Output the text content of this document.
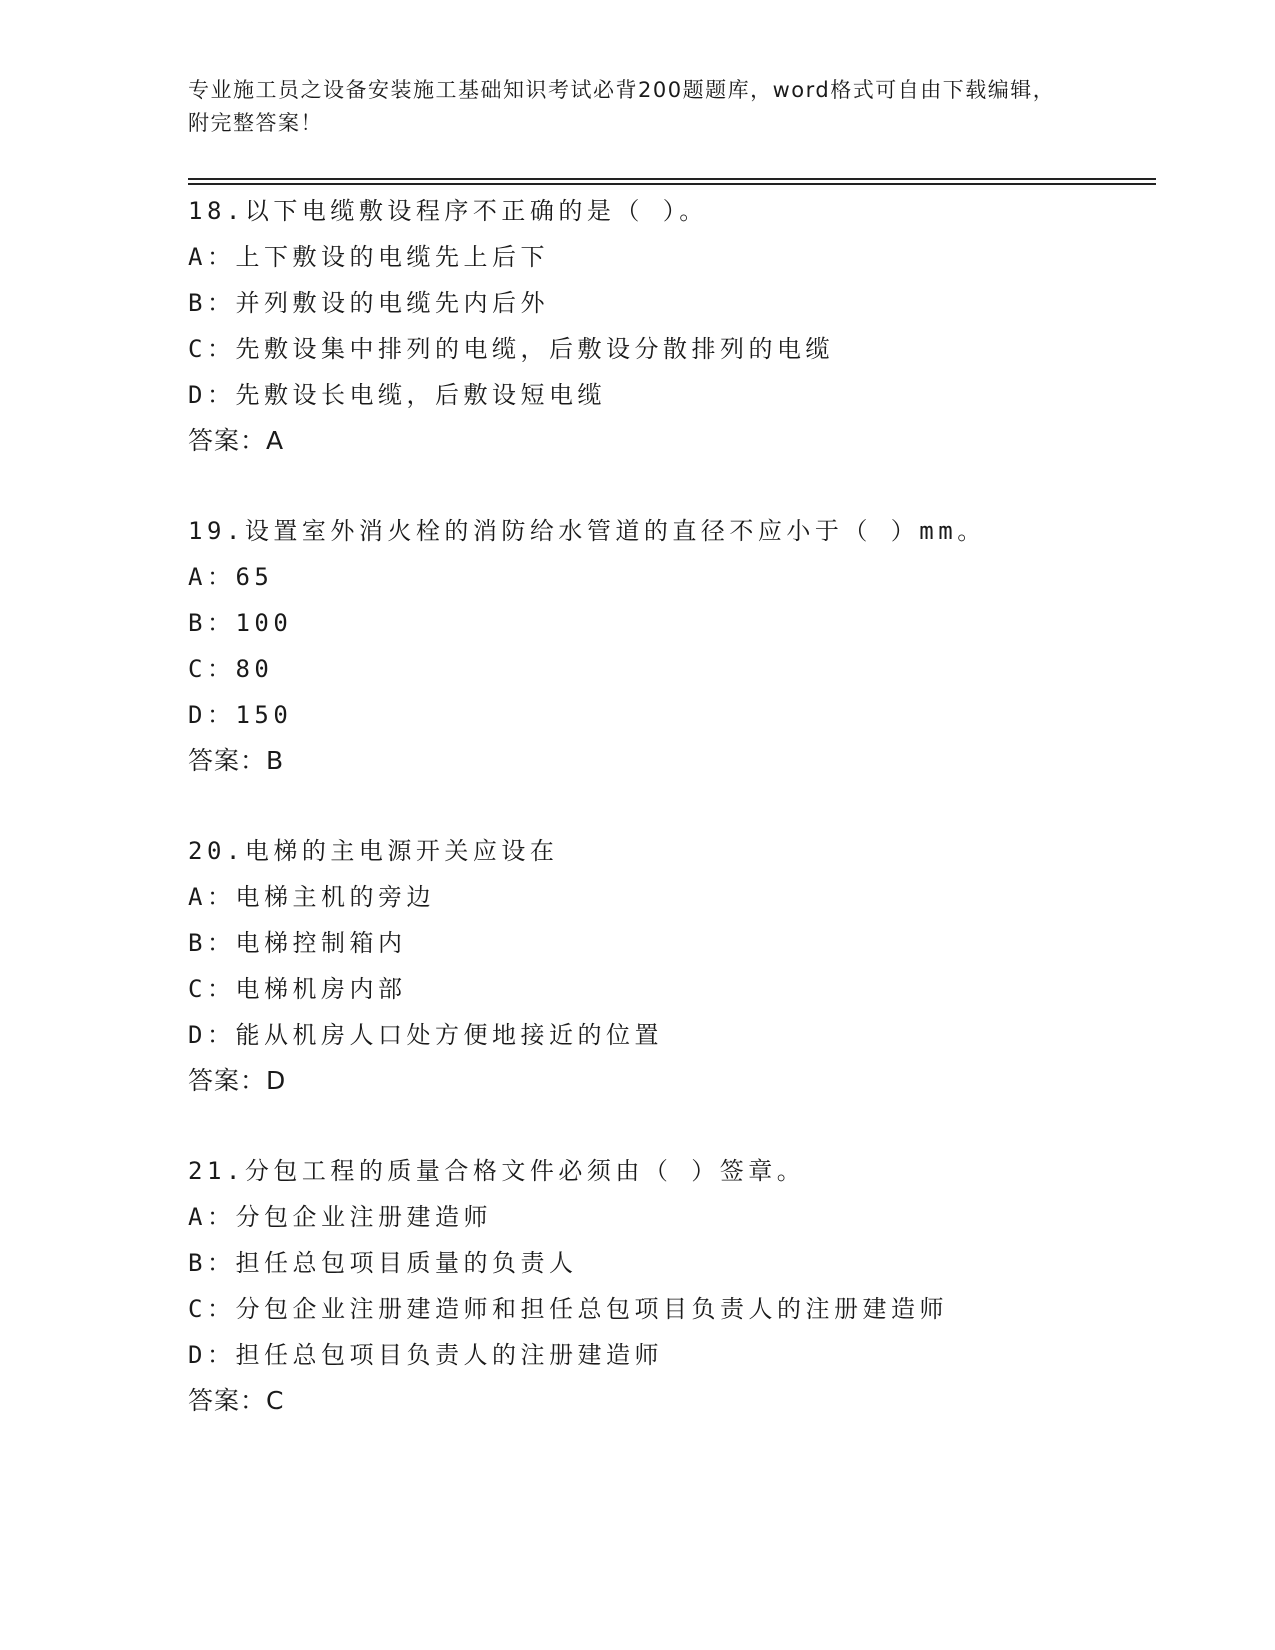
专业施工员之设备安装施工基础知识考试必背200题题库，word格式可自由下载编辑，附完整答案！
18.以下电缆敷设程序不正确的是（ ）。
A：上下敷设的电缆先上后下
B：并列敷设的电缆先内后外
C：先敷设集中排列的电缆，后敷设分散排列的电缆
D：先敷设长电缆，后敷设短电缆
答案：A
19.设置室外消火栓的消防给水管道的直径不应小于（ ）mm。
A：65
B：100
C：80
D：150
答案：B
20.电梯的主电源开关应设在
A：电梯主机的旁边
B：电梯控制箱内
C：电梯机房内部
D：能从机房人口处方便地接近的位置
答案：D
21.分包工程的质量合格文件必须由（ ）签章。
A：分包企业注册建造师
B：担任总包项目质量的负责人
C：分包企业注册建造师和担任总包项目负责人的注册建造师
D：担任总包项目负责人的注册建造师
答案：C
